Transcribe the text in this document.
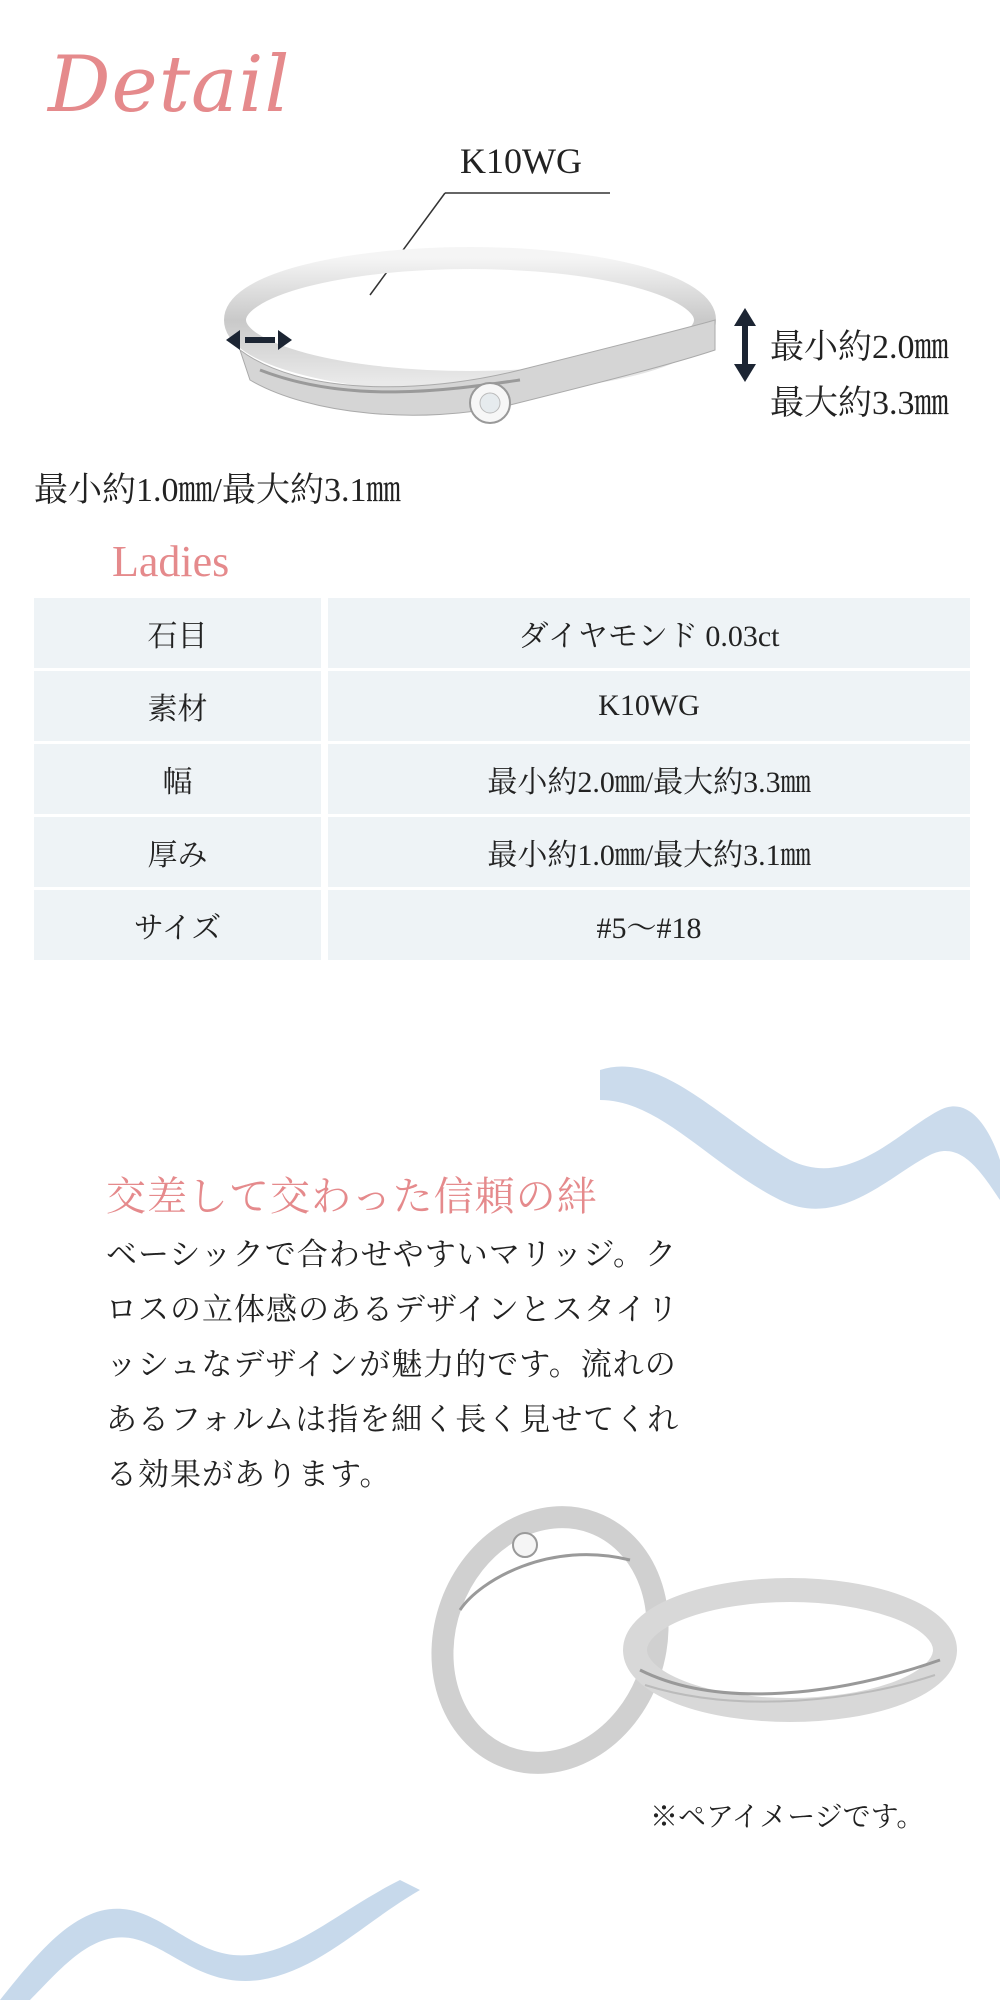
Detail
K10WG
最小約2.0㎜
最大約3.3㎜
最小約1.0㎜/最大約3.1㎜
Ladies
石目	ダイヤモンド 0.03ct
素材	K10WG
幅	最小約2.0㎜/最大約3.3㎜
厚み	最小約1.0㎜/最大約3.1㎜
サイズ	#5～#18
交差して交わった信頼の絆
ベーシックで合わせやすいマリッジ。クロスの立体感のあるデザインとスタイリッシュなデザインが魅力的です。流れのあるフォルムは指を細く長く見せてくれる効果があります。
※ペアイメージです。
